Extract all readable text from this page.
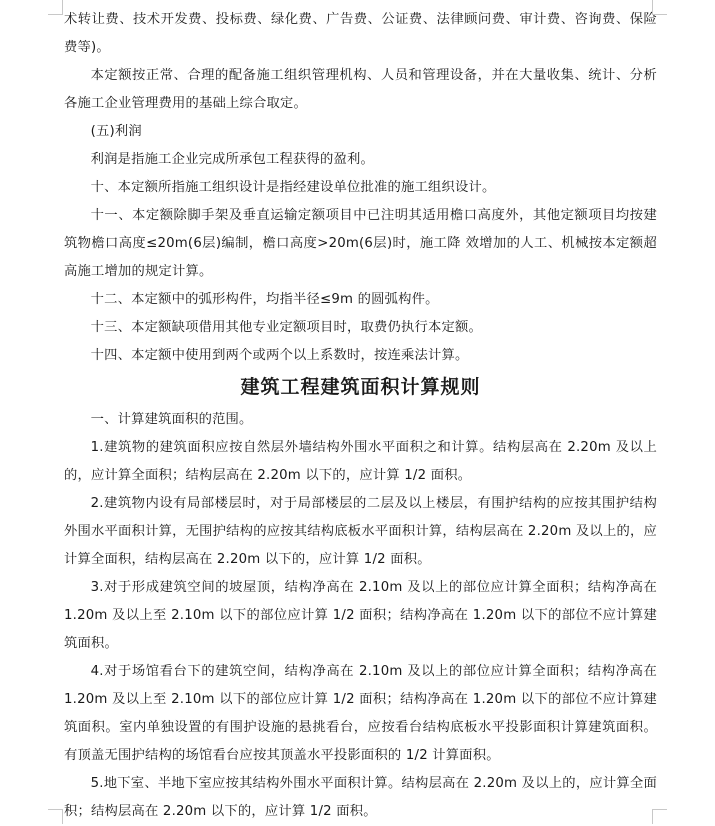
术转让费、技术开发费、投标费、绿化费、广告费、公证费、法律顾问费、审计费、咨询费、保险费等)。

本定额按正常、合理的配备施工组织管理机构、人员和管理设备，并在大量收集、统计、分析各施工企业管理费用的基础上综合取定。

(五)利润

利润是指施工企业完成所承包工程获得的盈利。

十、本定额所指施工组织设计是指经建设单位批准的施工组织设计。

十一、本定额除脚手架及垂直运输定额项目中已注明其适用檐口高度外，其他定额项目均按建筑物檐口高度≤20m(6层)编制，檐口高度>20m(6层)时，施工降 效增加的人工、机械按本定额超高施工增加的规定计算。

十二、本定额中的弧形构件，均指半径≤9m 的圆弧构件。

十三、本定额缺项借用其他专业定额项目时，取费仍执行本定额。

十四、本定额中使用到两个或两个以上系数时，按连乘法计算。

建筑工程建筑面积计算规则

一、计算建筑面积的范围。

1.建筑物的建筑面积应按自然层外墙结构外围水平面积之和计算。结构层高在 2.20m 及以上的，应计算全面积；结构层高在 2.20m 以下的，应计算 1/2 面积。

2.建筑物内设有局部楼层时，对于局部楼层的二层及以上楼层，有围护结构的应按其围护结构外围水平面积计算，无围护结构的应按其结构底板水平面积计算，结构层高在 2.20m 及以上的，应计算全面积，结构层高在 2.20m 以下的，应计算 1/2 面积。

3.对于形成建筑空间的坡屋顶，结构净高在 2.10m 及以上的部位应计算全面积；结构净高在 1.20m 及以上至 2.10m 以下的部位应计算 1/2 面积；结构净高在 1.20m 以下的部位不应计算建筑面积。

4.对于场馆看台下的建筑空间，结构净高在 2.10m 及以上的部位应计算全面积；结构净高在 1.20m 及以上至 2.10m 以下的部位应计算 1/2 面积；结构净高在 1.20m 以下的部位不应计算建筑面积。室内单独设置的有围护设施的悬挑看台，应按看台结构底板水平投影面积计算建筑面积。有顶盖无围护结构的场馆看台应按其顶盖水平投影面积的 1/2 计算面积。

5.地下室、半地下室应按其结构外围水平面积计算。结构层高在 2.20m 及以上的，应计算全面积；结构层高在 2.20m 以下的，应计算 1/2 面积。
